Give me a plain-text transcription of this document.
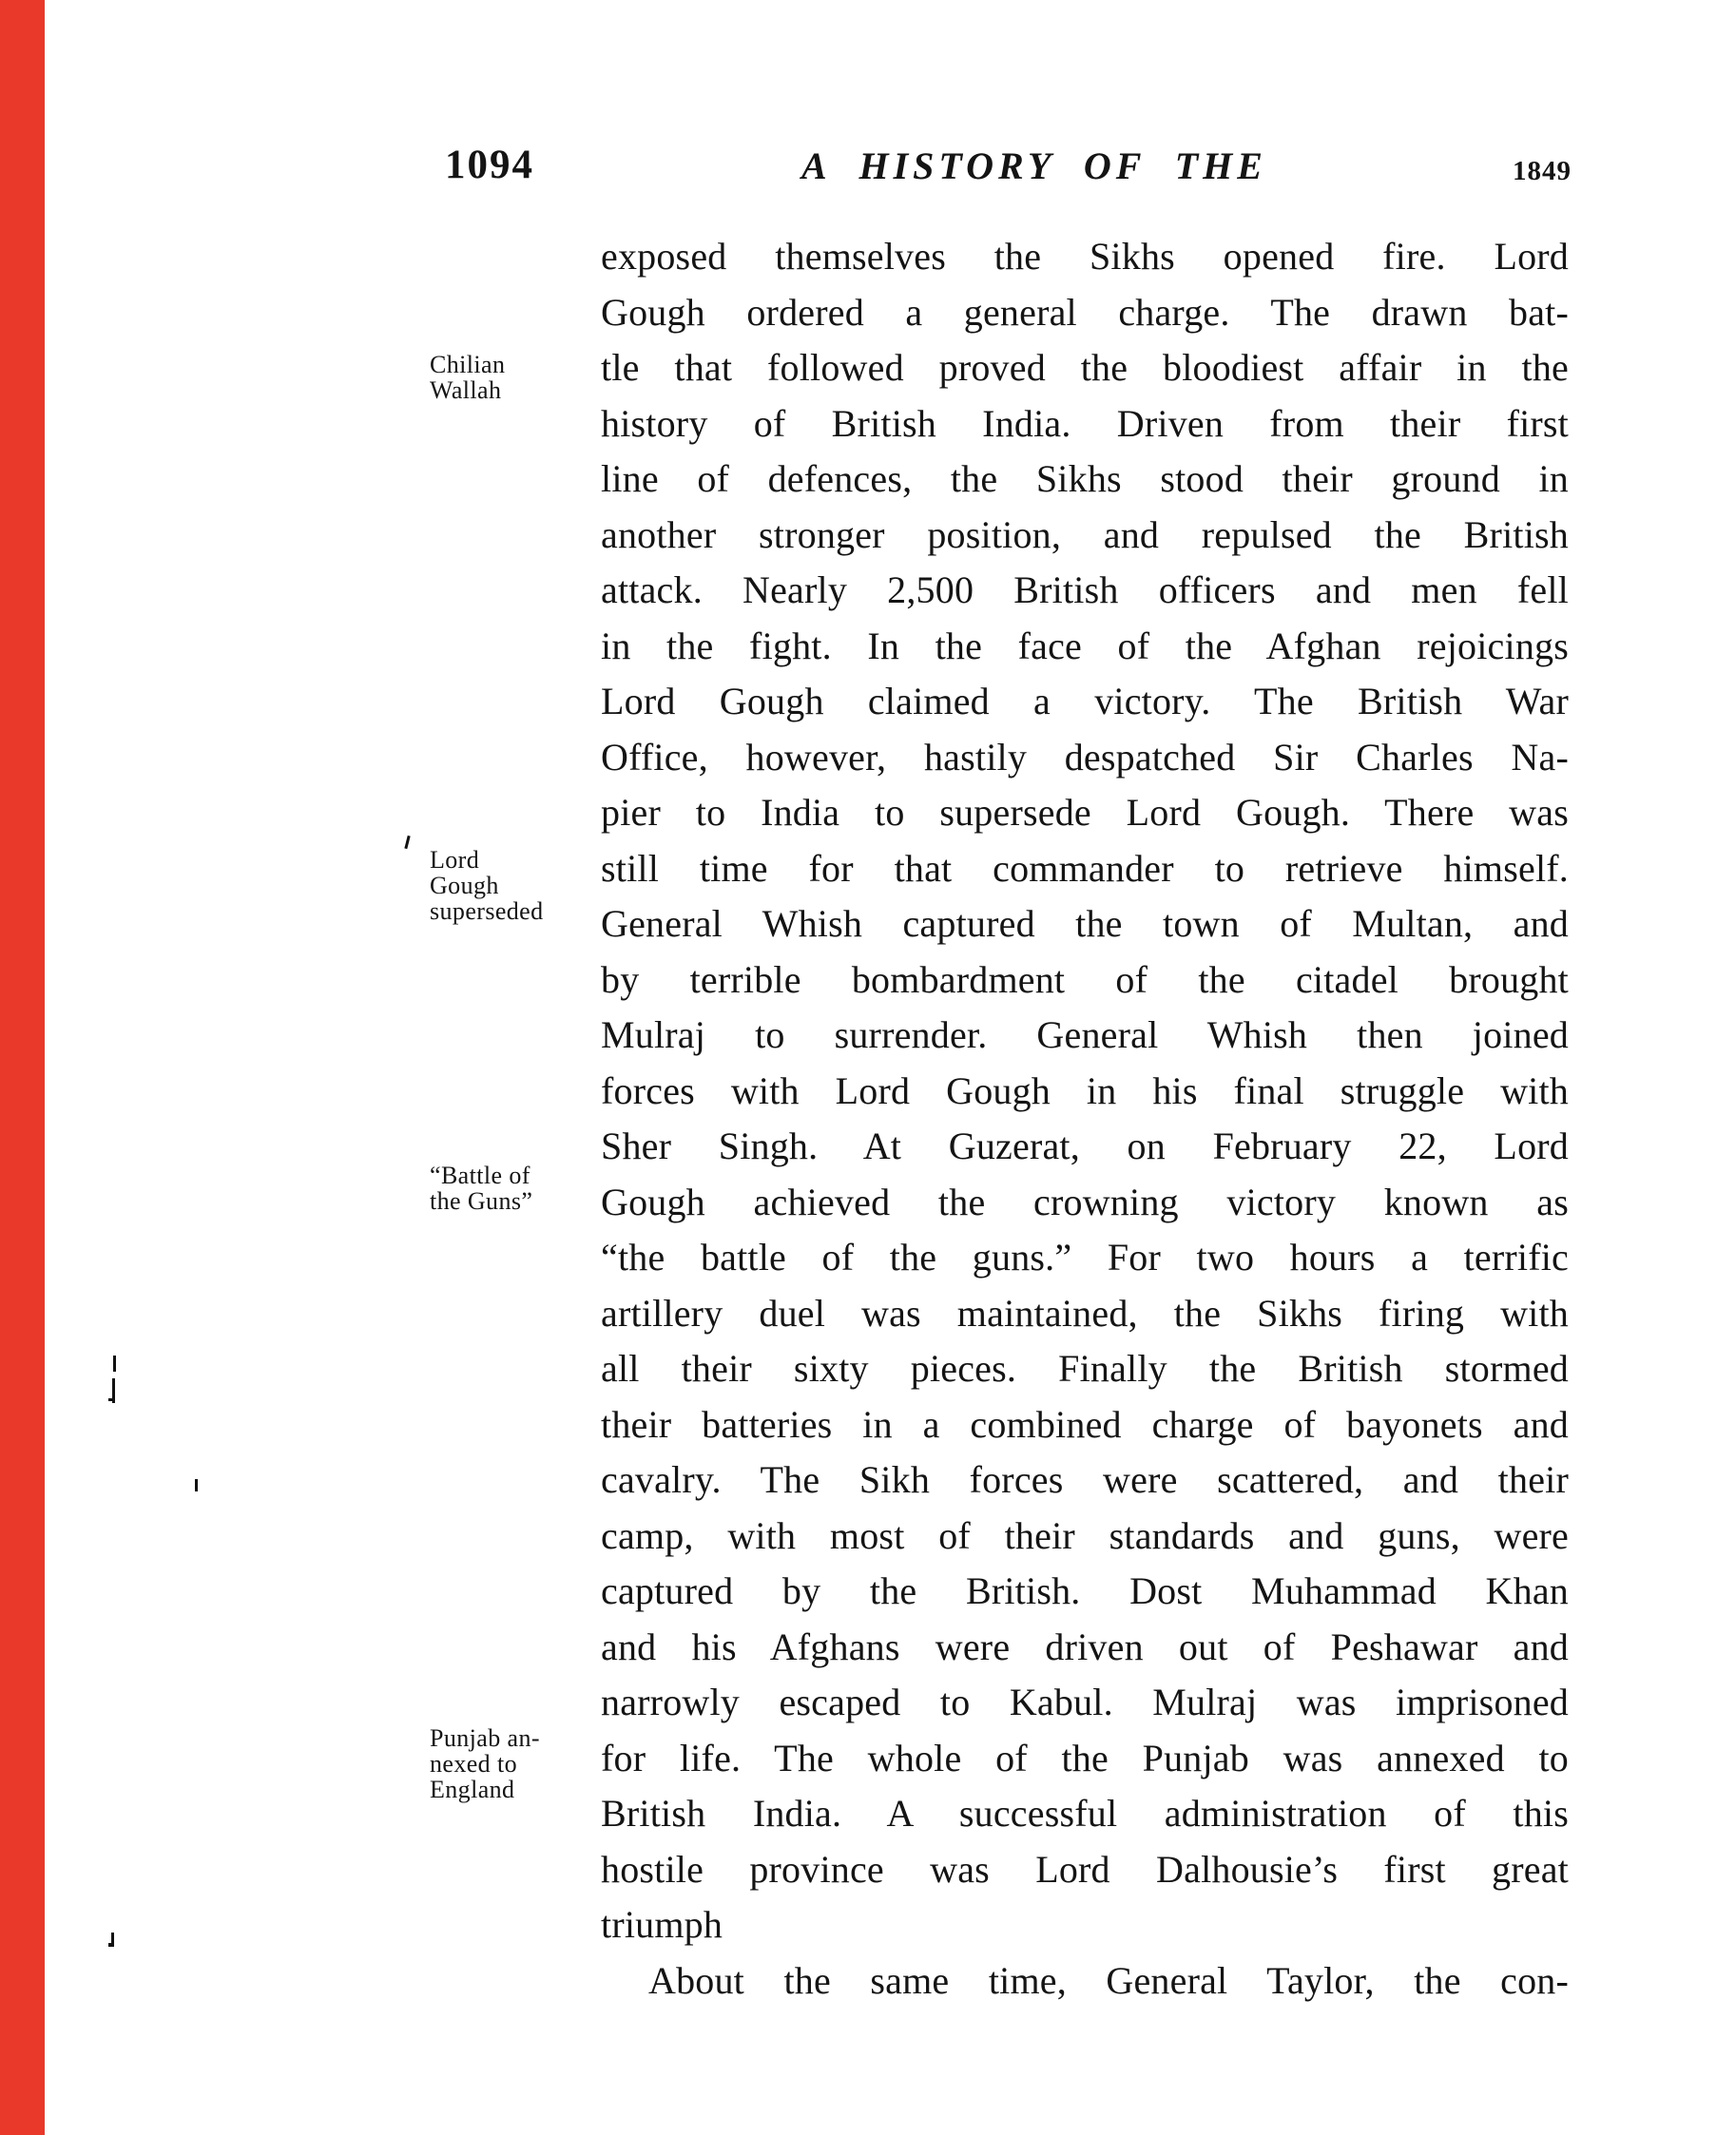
1094	A HISTORY OF THE	1849
Chilian
Wallah
Lord
Gough
superseded
“Battle of
the Guns”
Punjab an-
nexed to
England
exposed themselves the Sikhs opened fire. Lord
Gough ordered a general charge. The drawn bat-
tle that followed proved the bloodiest affair in the
history of British India. Driven from their first
line of defences, the Sikhs stood their ground in
another stronger position, and repulsed the British
attack. Nearly 2,500 British officers and men fell
in the fight. In the face of the Afghan rejoicings
Lord Gough claimed a victory. The British War
Office, however, hastily despatched Sir Charles Na-
pier to India to supersede Lord Gough. There was
still time for that commander to retrieve himself.
General Whish captured the town of Multan, and
by terrible bombardment of the citadel brought
Mulraj to surrender. General Whish then joined
forces with Lord Gough in his final struggle with
Sher Singh. At Guzerat, on February 22, Lord
Gough achieved the crowning victory known as
“the battle of the guns.” For two hours a terrific
artillery duel was maintained, the Sikhs firing with
all their sixty pieces. Finally the British stormed
their batteries in a combined charge of bayonets and
cavalry. The Sikh forces were scattered, and their
camp, with most of their standards and guns, were
captured by the British. Dost Muhammad Khan
and his Afghans were driven out of Peshawar and
narrowly escaped to Kabul. Mulraj was imprisoned
for life. The whole of the Punjab was annexed to
British India. A successful administration of this
hostile province was Lord Dalhousie’s first great
triumph
About the same time, General Taylor, the con-
